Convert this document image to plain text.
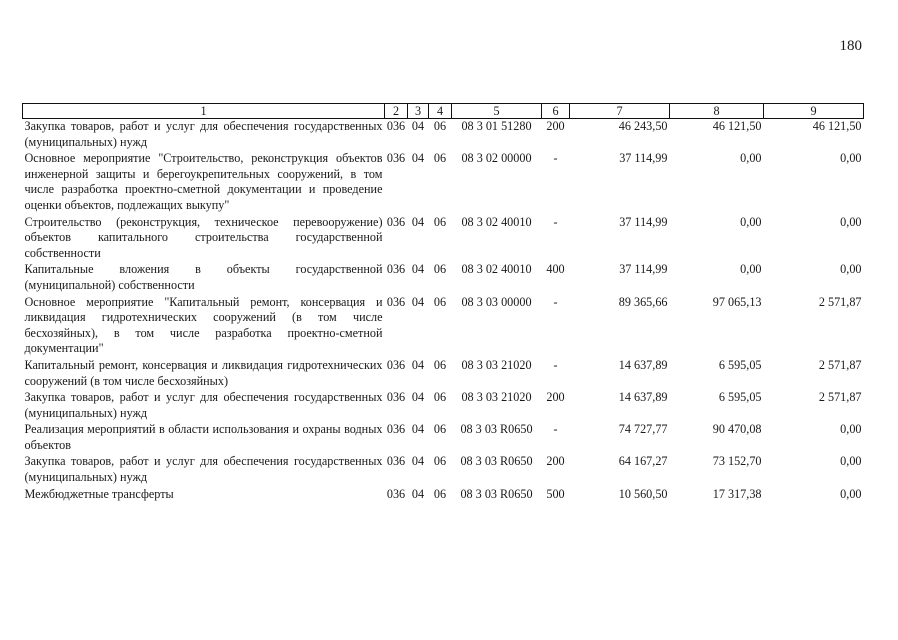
180
1	2	3	4	5	6	7	8	9
Закупка товаров, работ и услуг для обеспечения государственных (муниципальных) нужд	036	04	06	08 3 01 51280	200	46 243,50	46 121,50	46 121,50
Основное мероприятие "Строительство, реконструкция объектов инженерной защиты и берегоукрепительных сооружений, в том числе разработка проектно-сметной документации и проведение оценки объектов, подлежащих выкупу"	036	04	06	08 3 02 00000	-	37 114,99	0,00	0,00
Строительство (реконструкция, техническое перевооружение) объектов капитального строительства государственной собственности	036	04	06	08 3 02 40010	-	37 114,99	0,00	0,00
Капитальные вложения в объекты государственной (муниципальной) собственности	036	04	06	08 3 02 40010	400	37 114,99	0,00	0,00
Основное мероприятие "Капитальный ремонт, консервация и ликвидация гидротехнических сооружений (в том числе бесхозяйных), в том числе разработка проектно-сметной документации"	036	04	06	08 3 03 00000	-	89 365,66	97 065,13	2 571,87
Капитальный ремонт, консервация и ликвидация гидротехнических сооружений (в том числе бесхозяйных)	036	04	06	08 3 03 21020	-	14 637,89	6 595,05	2 571,87
Закупка товаров, работ и услуг для обеспечения государственных (муниципальных) нужд	036	04	06	08 3 03 21020	200	14 637,89	6 595,05	2 571,87
Реализация мероприятий в области использования и охраны водных объектов	036	04	06	08 3 03 R0650	-	74 727,77	90 470,08	0,00
Закупка товаров, работ и услуг для обеспечения государственных (муниципальных) нужд	036	04	06	08 3 03 R0650	200	64 167,27	73 152,70	0,00
Межбюджетные трансферты	036	04	06	08 3 03 R0650	500	10 560,50	17 317,38	0,00
